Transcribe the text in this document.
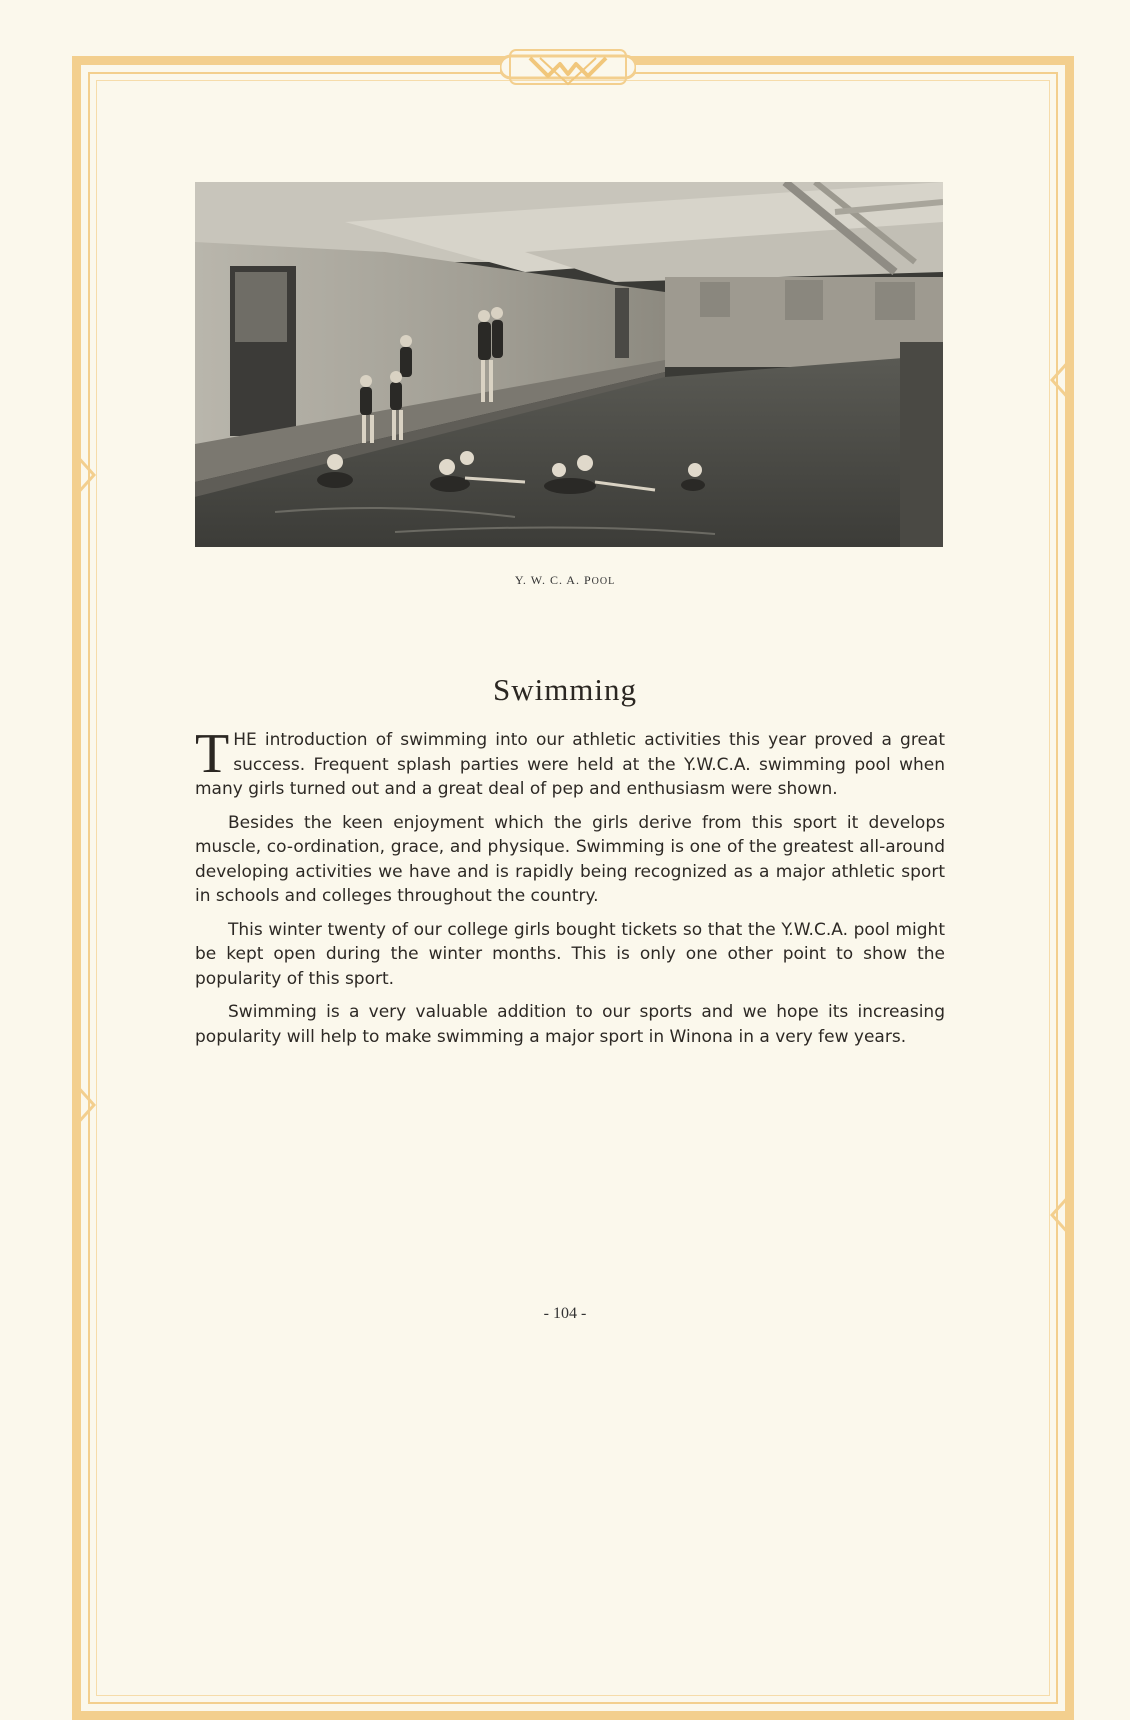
Y. W. C. A. POOL
Swimming

THE introduction of swimming into our athletic activities this year proved a great success. Frequent splash parties were held at the Y.W.C.A. swimming pool when many girls turned out and a great deal of pep and enthusiasm were shown.

Besides the keen enjoyment which the girls derive from this sport it develops muscle, co-ordination, grace, and physique. Swimming is one of the greatest all-around developing activities we have and is rapidly being recognized as a major athletic sport in schools and colleges throughout the country.

This winter twenty of our college girls bought tickets so that the Y.W.C.A. pool might be kept open during the winter months. This is only one other point to show the popularity of this sport.

Swimming is a very valuable addition to our sports and we hope its increasing popularity will help to make swimming a major sport in Winona in a very few years.

- 104 -
